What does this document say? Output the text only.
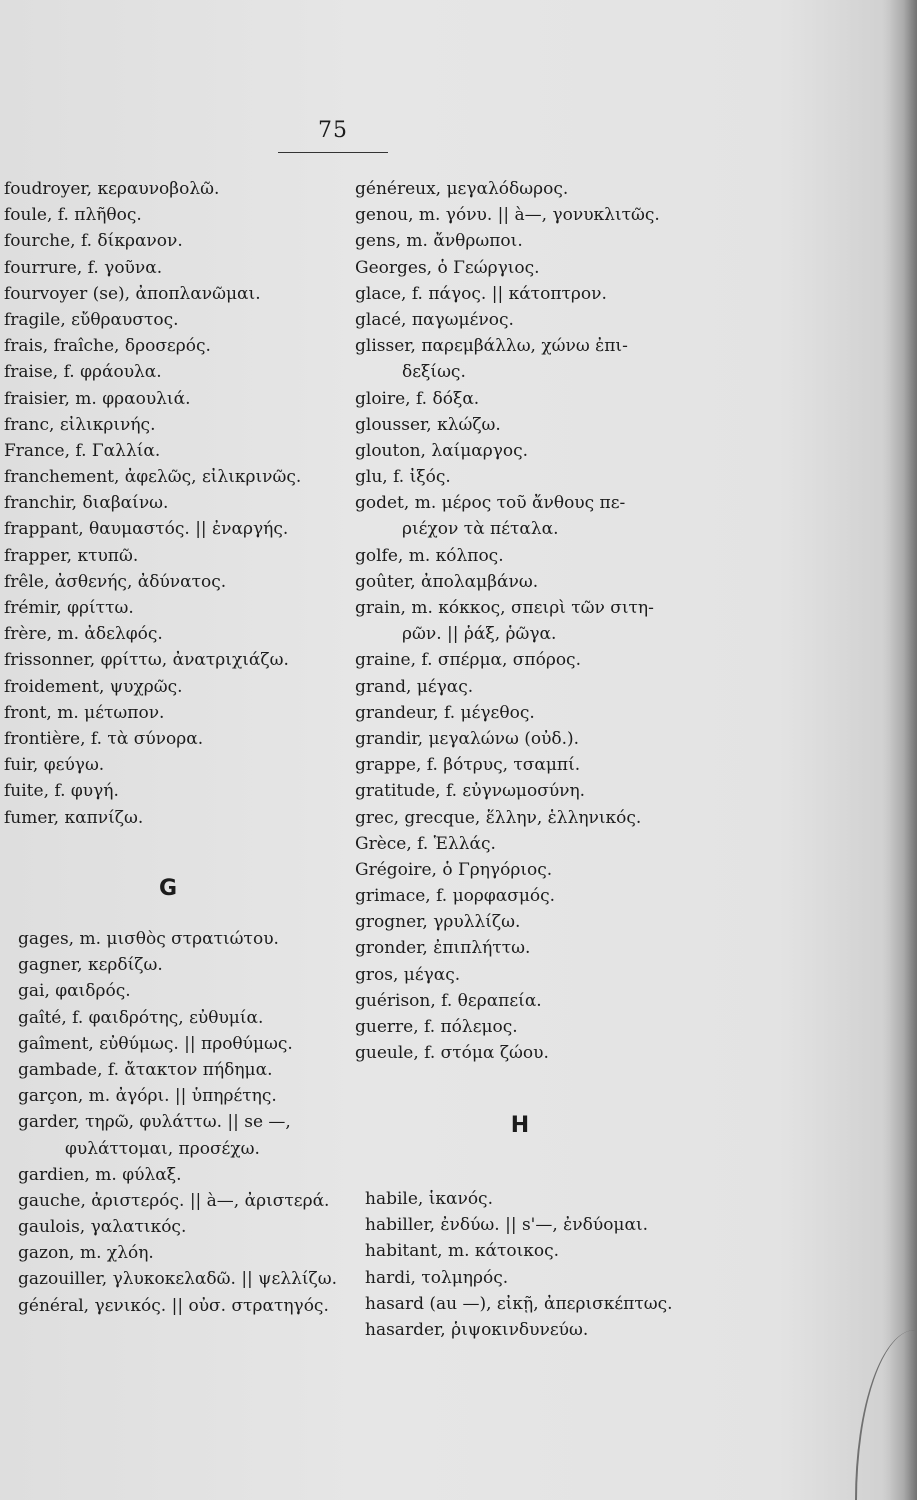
75
foudroyer, κεραυνοβολῶ.
foule, f. πλῆθος.
fourche, f. δίκρανον.
fourrure, f. γοῦνα.
fourvoyer (se), ἀποπλανῶμαι.
fragile, εὔθραυστος.
frais, fraîche, δροσερός.
fraise, f. φράουλα.
fraisier, m. φραουλιά.
franc, εἰλικρινής.
France, f. Γαλλία.
franchement, ἀφελῶς, εἰλικρινῶς.
franchir, διαβαίνω.
frappant, θαυμαστός. || ἐναργής.
frapper, κτυπῶ.
frêle, ἀσθενής, ἀδύνατος.
frémir, φρίττω.
frère, m. ἀδελφός.
frissonner, φρίττω, ἀνατριχιάζω.
froidement, ψυχρῶς.
front, m. μέτωπον.
frontière, f. τὰ σύνορα.
fuir, φεύγω.
fuite, f. φυγή.
fumer, καπνίζω.
G
gages, m. μισθὸς στρατιώτου.
gagner, κερδίζω.
gai, φαιδρός.
gaîté, f. φαιδρότης, εὐθυμία.
gaîment, εὐθύμως. || προθύμως.
gambade, f. ἄτακτον πήδημα.
garçon, m. ἀγόρι. || ὑπηρέτης.
garder, τηρῶ, φυλάττω. || se —,
φυλάττομαι, προσέχω.
gardien, m. φύλαξ.
gauche, ἀριστερός. || à—, ἀριστερά.
gaulois, γαλατικός.
gazon, m. χλόη.
gazouiller, γλυκοκελαδῶ. || ψελλίζω.
général, γενικός. || οὐσ. στρατηγός.
généreux, μεγαλόδωρος.
genou, m. γόνυ. || à—, γονυκλιτῶς.
gens, m. ἄνθρωποι.
Georges, ὁ Γεώργιος.
glace, f. πάγος. || κάτοπτρον.
glacé, παγωμένος.
glisser, παρεμβάλλω, χώνω ἐπι-
δεξίως.
gloire, f. δόξα.
glousser, κλώζω.
glouton, λαίμαργος.
glu, f. ἰξός.
godet, m. μέρος τοῦ ἄνθους πε-
ριέχον τὰ πέταλα.
golfe, m. κόλπος.
goûter, ἀπολαμβάνω.
grain, m. κόκκος, σπειρὶ τῶν σιτη-
ρῶν. || ῥάξ, ῥῶγα.
graine, f. σπέρμα, σπόρος.
grand, μέγας.
grandeur, f. μέγεθος.
grandir, μεγαλώνω (οὐδ.).
grappe, f. βότρυς, τσαμπί.
gratitude, f. εὐγνωμοσύνη.
grec, grecque, ἕλλην, ἑλληνικός.
Grèce, f. Ἑλλάς.
Grégoire, ὁ Γρηγόριος.
grimace, f. μορφασμός.
grogner, γρυλλίζω.
gronder, ἐπιπλήττω.
gros, μέγας.
guérison, f. θεραπεία.
guerre, f. πόλεμος.
gueule, f. στόμα ζώου.
H
habile, ἱκανός.
habiller, ἐνδύω. || s'—, ἐνδύομαι.
habitant, m. κάτοικος.
hardi, τολμηρός.
hasard (au —), εἰκῇ, ἀπερισκέπτως.
hasarder, ῥιψοκινδυνεύω.
